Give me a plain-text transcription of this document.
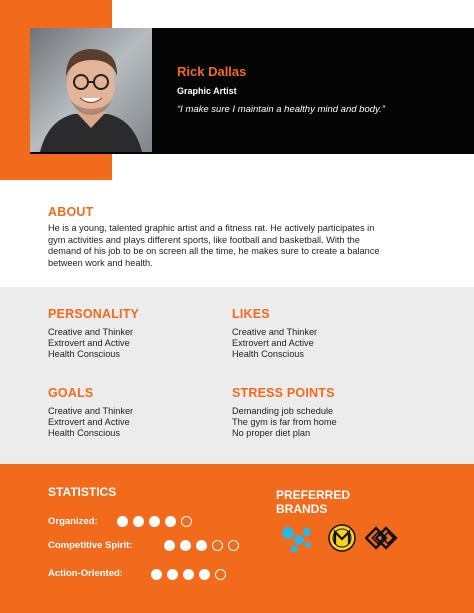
Rick Dallas
Graphic Artist
“I make sure I maintain a healthy mind and body.”
ABOUT
He is a young, talented graphic artist and a fitness rat. He actively participates in
gym activities and plays different sports, like football and basketball. With the
demand of his job to be on screen all the time, he makes sure to create a balance
between work and health.
PERSONALITY
Creative and Thinker
Extrovert and Active
Health Conscious
LIKES
Creative and Thinker
Extrovert and Active
Health Conscious
GOALS
Creative and Thinker
Extrovert and Active
Health Conscious
STRESS POINTS
Demanding job schedule
The gym is far from home
No proper diet plan
STATISTICS
Organized:
Competitive Spirit:
Action-Oriented:
PREFERRED
BRANDS
